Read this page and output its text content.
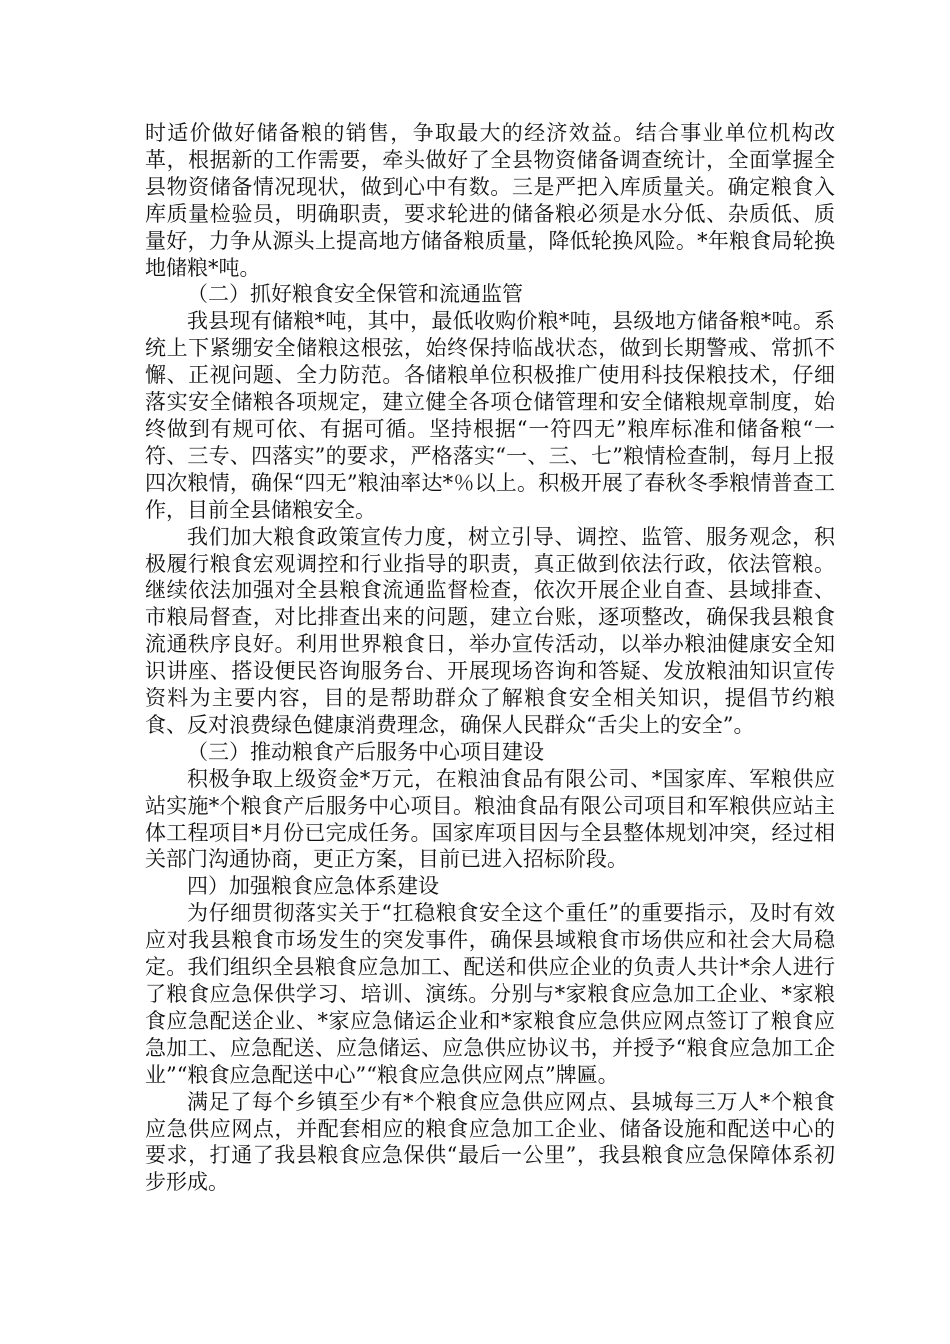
时适价做好储备粮的销售，争取最大的经济效益。结合事业单位机构改革，根据新的工作需要，牵头做好了全县物资储备调查统计，全面掌握全县物资储备情况现状，做到心中有数。三是严把入库质量关。确定粮食入库质量检验员，明确职责，要求轮进的储备粮必须是水分低、杂质低、质量好，力争从源头上提高地方储备粮质量，降低轮换风险。*年粮食局轮换地储粮*吨。

（二）抓好粮食安全保管和流通监管

我县现有储粮*吨，其中，最低收购价粮*吨，县级地方储备粮*吨。系统上下紧绷安全储粮这根弦，始终保持临战状态，做到长期警戒、常抓不懈、正视问题、全力防范。各储粮单位积极推广使用科技保粮技术，仔细落实安全储粮各项规定，建立健全各项仓储管理和安全储粮规章制度，始终做到有规可依、有据可循。坚持根据“一符四无”粮库标准和储备粮“一符、三专、四落实”的要求，严格落实“一、三、七”粮情检查制，每月上报四次粮情，确保“四无”粮油率达*％以上。积极开展了春秋冬季粮情普查工作，目前全县储粮安全。

我们加大粮食政策宣传力度，树立引导、调控、监管、服务观念，积极履行粮食宏观调控和行业指导的职责，真正做到依法行政，依法管粮。继续依法加强对全县粮食流通监督检查，依次开展企业自查、县域排查、市粮局督查，对比排查出来的问题，建立台账，逐项整改，确保我县粮食流通秩序良好。利用世界粮食日，举办宣传活动，以举办粮油健康安全知识讲座、搭设便民咨询服务台、开展现场咨询和答疑、发放粮油知识宣传资料为主要内容，目的是帮助群众了解粮食安全相关知识，提倡节约粮食、反对浪费绿色健康消费理念，确保人民群众“舌尖上的安全”。

（三）推动粮食产后服务中心项目建设

积极争取上级资金*万元，在粮油食品有限公司、*国家库、军粮供应站实施*个粮食产后服务中心项目。粮油食品有限公司项目和军粮供应站主体工程项目*月份已完成任务。国家库项目因与全县整体规划冲突，经过相关部门沟通协商，更正方案，目前已进入招标阶段。

四）加强粮食应急体系建设

为仔细贯彻落实关于“扛稳粮食安全这个重任”的重要指示，及时有效应对我县粮食市场发生的突发事件，确保县域粮食市场供应和社会大局稳定。我们组织全县粮食应急加工、配送和供应企业的负责人共计*余人进行了粮食应急保供学习、培训、演练。分别与*家粮食应急加工企业、*家粮食应急配送企业、*家应急储运企业和*家粮食应急供应网点签订了粮食应急加工、应急配送、应急储运、应急供应协议书，并授予“粮食应急加工企业”“粮食应急配送中心”“粮食应急供应网点”牌匾。

满足了每个乡镇至少有*个粮食应急供应网点、县城每三万人*个粮食应急供应网点，并配套相应的粮食应急加工企业、储备设施和配送中心的要求，打通了我县粮食应急保供“最后一公里”，我县粮食应急保障体系初步形成。
